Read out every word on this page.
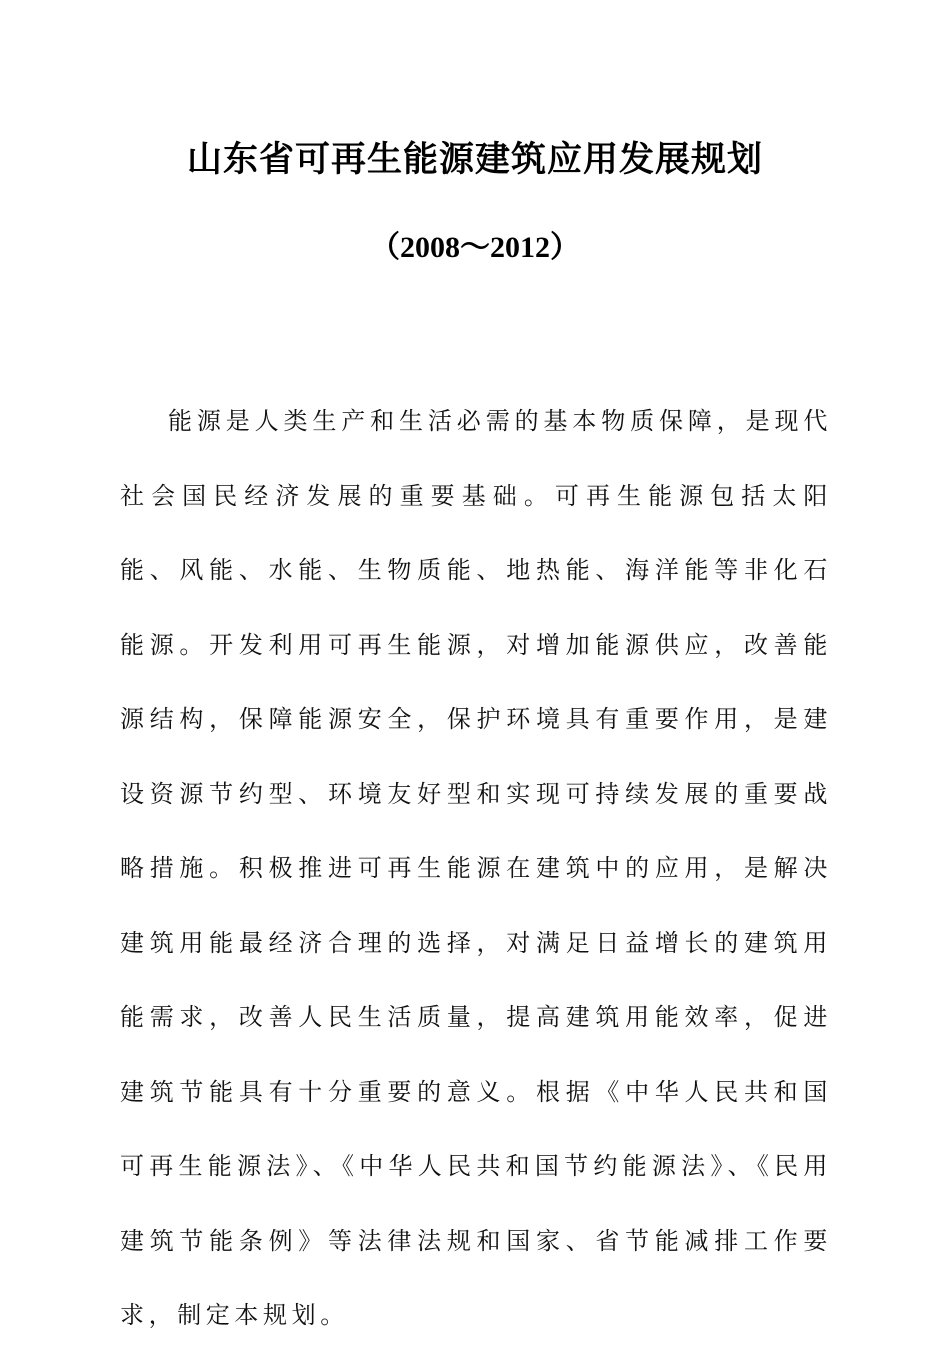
山东省可再生能源建筑应用发展规划
（2008～2012）

能源是人类生产和生活必需的基本物质保障，是现代社会国民经济发展的重要基础。可再生能源包括太阳能、风能、水能、生物质能、地热能、海洋能等非化石能源。开发利用可再生能源，对增加能源供应，改善能源结构，保障能源安全，保护环境具有重要作用，是建设资源节约型、环境友好型和实现可持续发展的重要战略措施。积极推进可再生能源在建筑中的应用，是解决建筑用能最经济合理的选择，对满足日益增长的建筑用能需求，改善人民生活质量，提高建筑用能效率，促进建筑节能具有十分重要的意义。根据《中华人民共和国可再生能源法》、《中华人民共和国节约能源法》、《民用建筑节能条例》等法律法规和国家、省节能减排工作要求，制定本规划。
